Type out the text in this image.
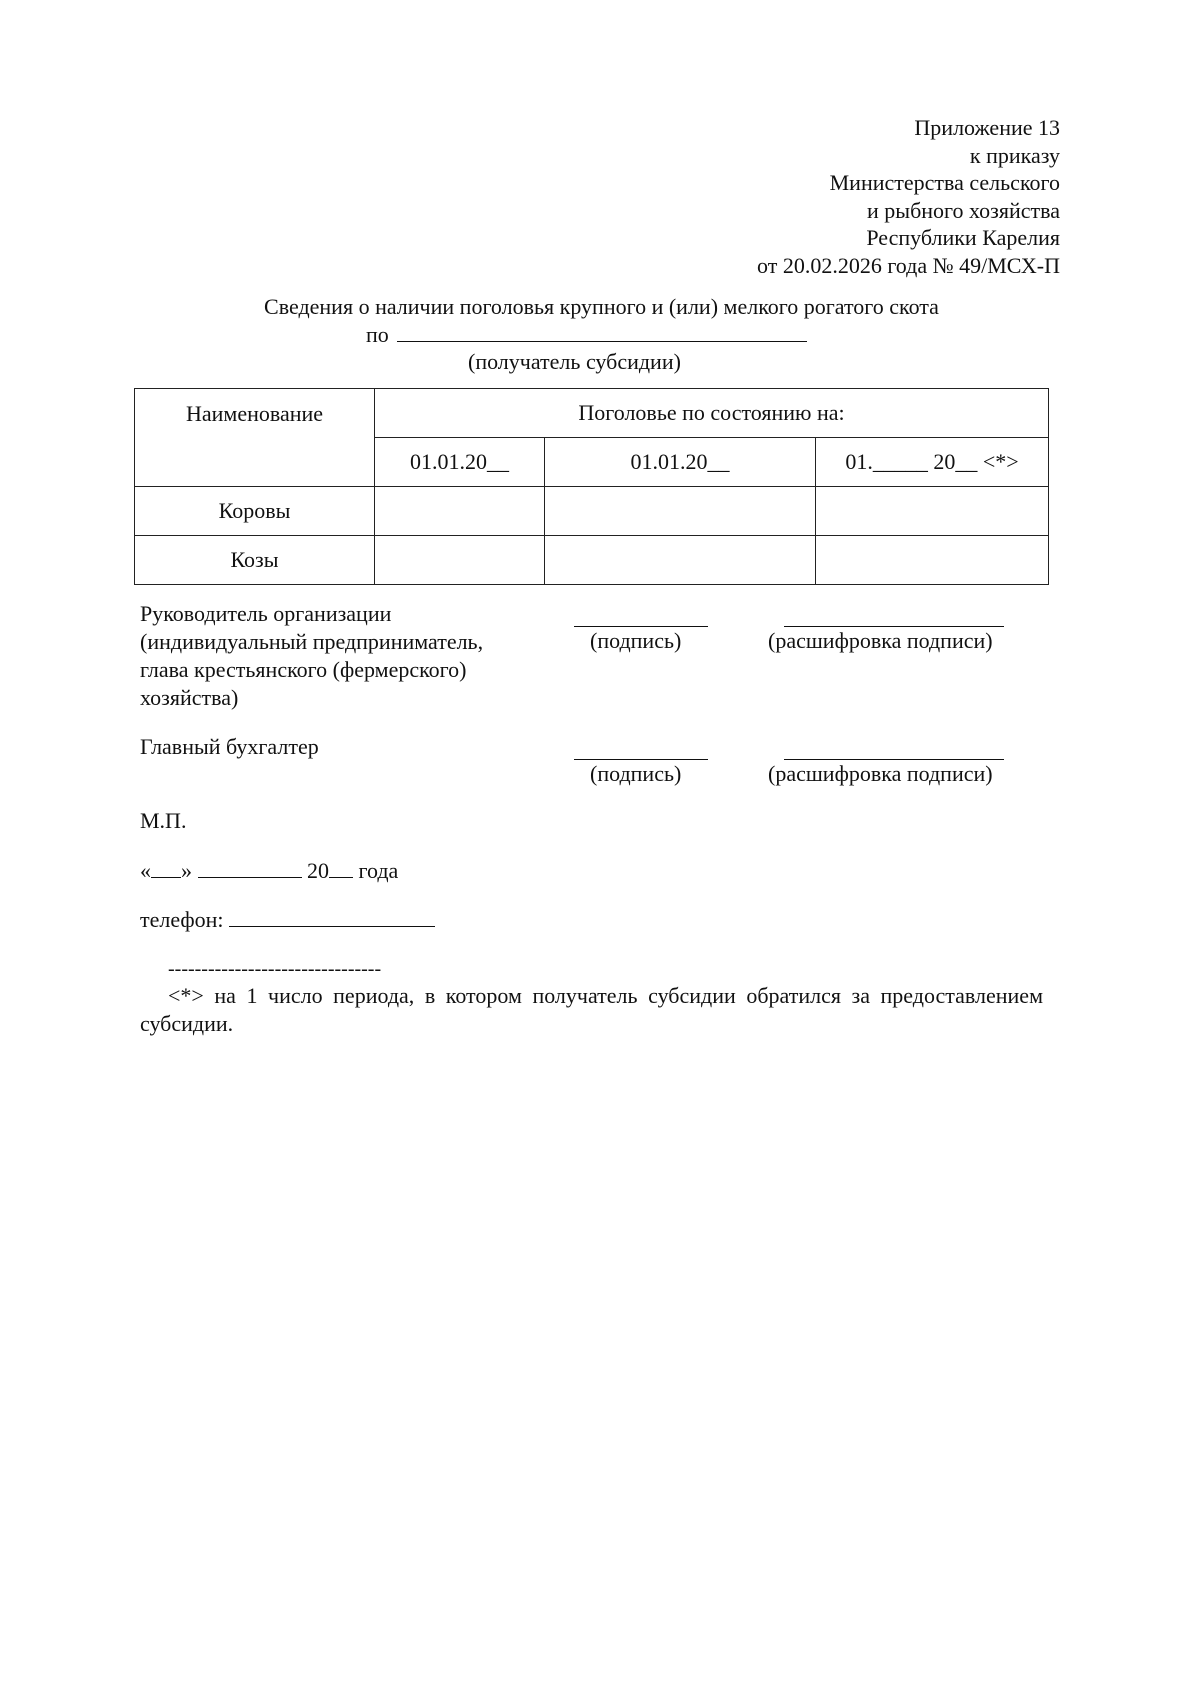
Приложение 13
к приказу
Министерства сельского
и рыбного хозяйства
Республики Карелия
от 20.02.2026 года № 49/МСХ-П
Сведения о наличии поголовья крупного и (или) мелкого рогатого скота
по
(получатель субсидии)
Наименование	Поголовье по состоянию на:		
	01.01.20__	01.01.20__	01._____ 20__ <*>
Коровы			
Козы			
Руководитель организации
(индивидуальный предприниматель,
глава крестьянского (фермерского)
хозяйства)
(подпись)	(расшифровка подписи)
Главный бухгалтер
(подпись)	(расшифровка подписи)
М.П.
« »	20 года
телефон:
--------------------------------
<*> на 1 число периода, в котором получатель субсидии обратился за предоставлением субсидии.
